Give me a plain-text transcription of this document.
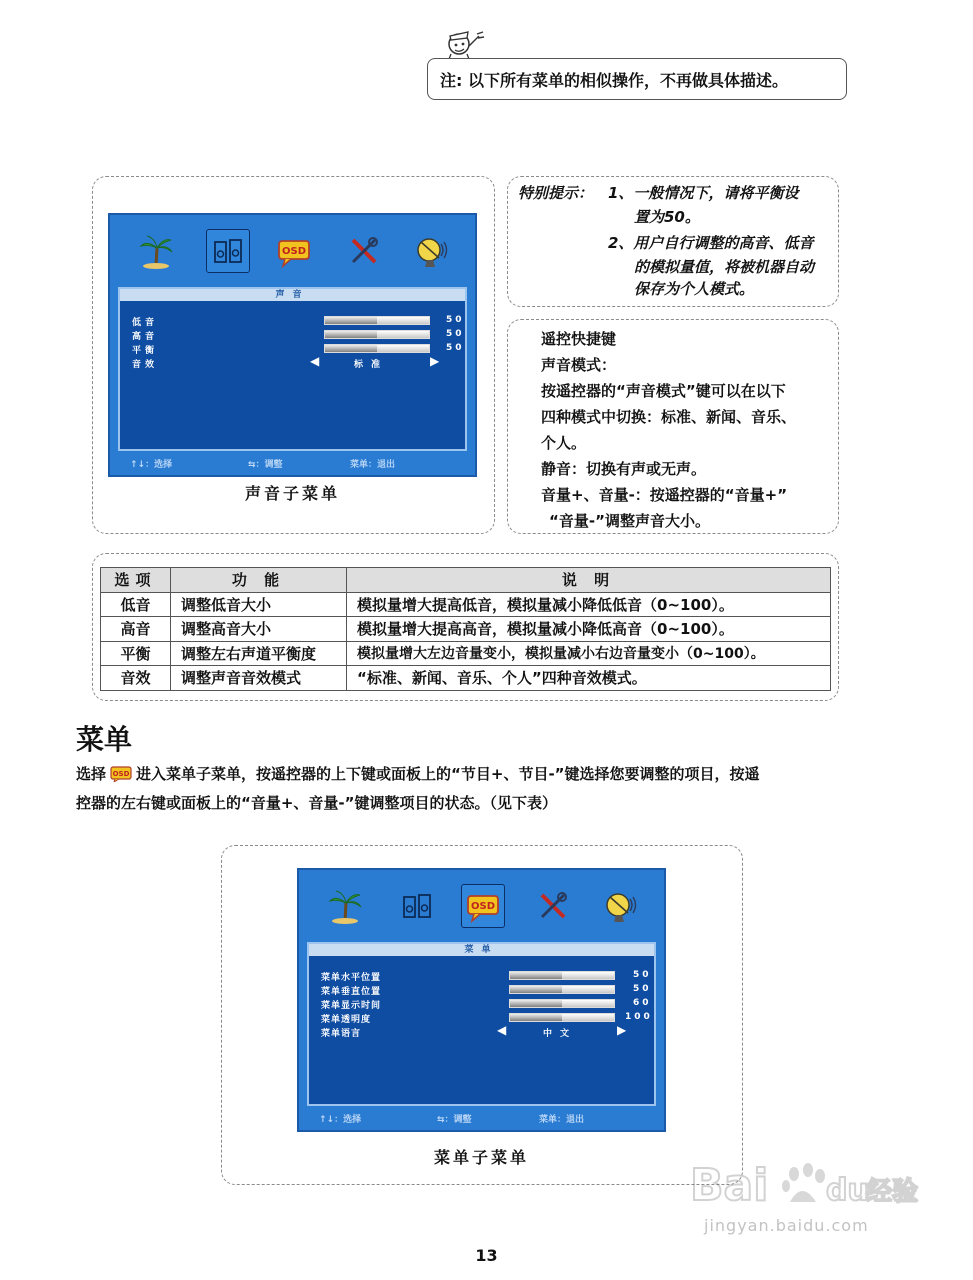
注: 以下所有菜单的相似操作，不再做具体描述。
OSD
声音
低音	50
高音	50
平衡	50
音效	◀	标准	▶
↑↓：选择	⇆：调整	菜单：退出
声音子菜单
特别提示： 1、一般情况下，请将平衡设
置为50。
2、用户自行调整的高音、低音
的模拟量值，将被机器自动
保存为个人模式。
遥控快捷键
声音模式：
按遥控器的“声音模式”键可以在以下
四种模式中切换：标准、新闻、音乐、
个人。
静音：切换有声或无声。
音量+、音量-：按遥控器的“音量+”
“音量-”调整声音大小。
选项	功 能	说 明
低音	调整低音大小	模拟量增大提高低音，模拟量减小降低低音（0~100）。
高音	调整高音大小	模拟量增大提高高音，模拟量减小降低高音（0~100）。
平衡	调整左右声道平衡度	模拟量增大左边音量变小，模拟量减小右边音量变小（0~100）。
音效	调整声音音效模式	“标准、新闻、音乐、个人”四种音效模式。
菜单
选择 OSD 进入菜单子菜单，按遥控器的上下键或面板上的“节目+、节目-”键选择您要调整的项目，按遥
控器的左右键或面板上的“音量+、音量-”键调整项目的状态。（见下表）
OSD
菜单
菜单水平位置	50
菜单垂直位置	50
菜单显示时间	60
菜单透明度	100
菜单语言	◀	中文	▶
↑↓：选择	⇆：调整	菜单：退出
菜单子菜单
Bai du
经验
jingyan.baidu.com
13
